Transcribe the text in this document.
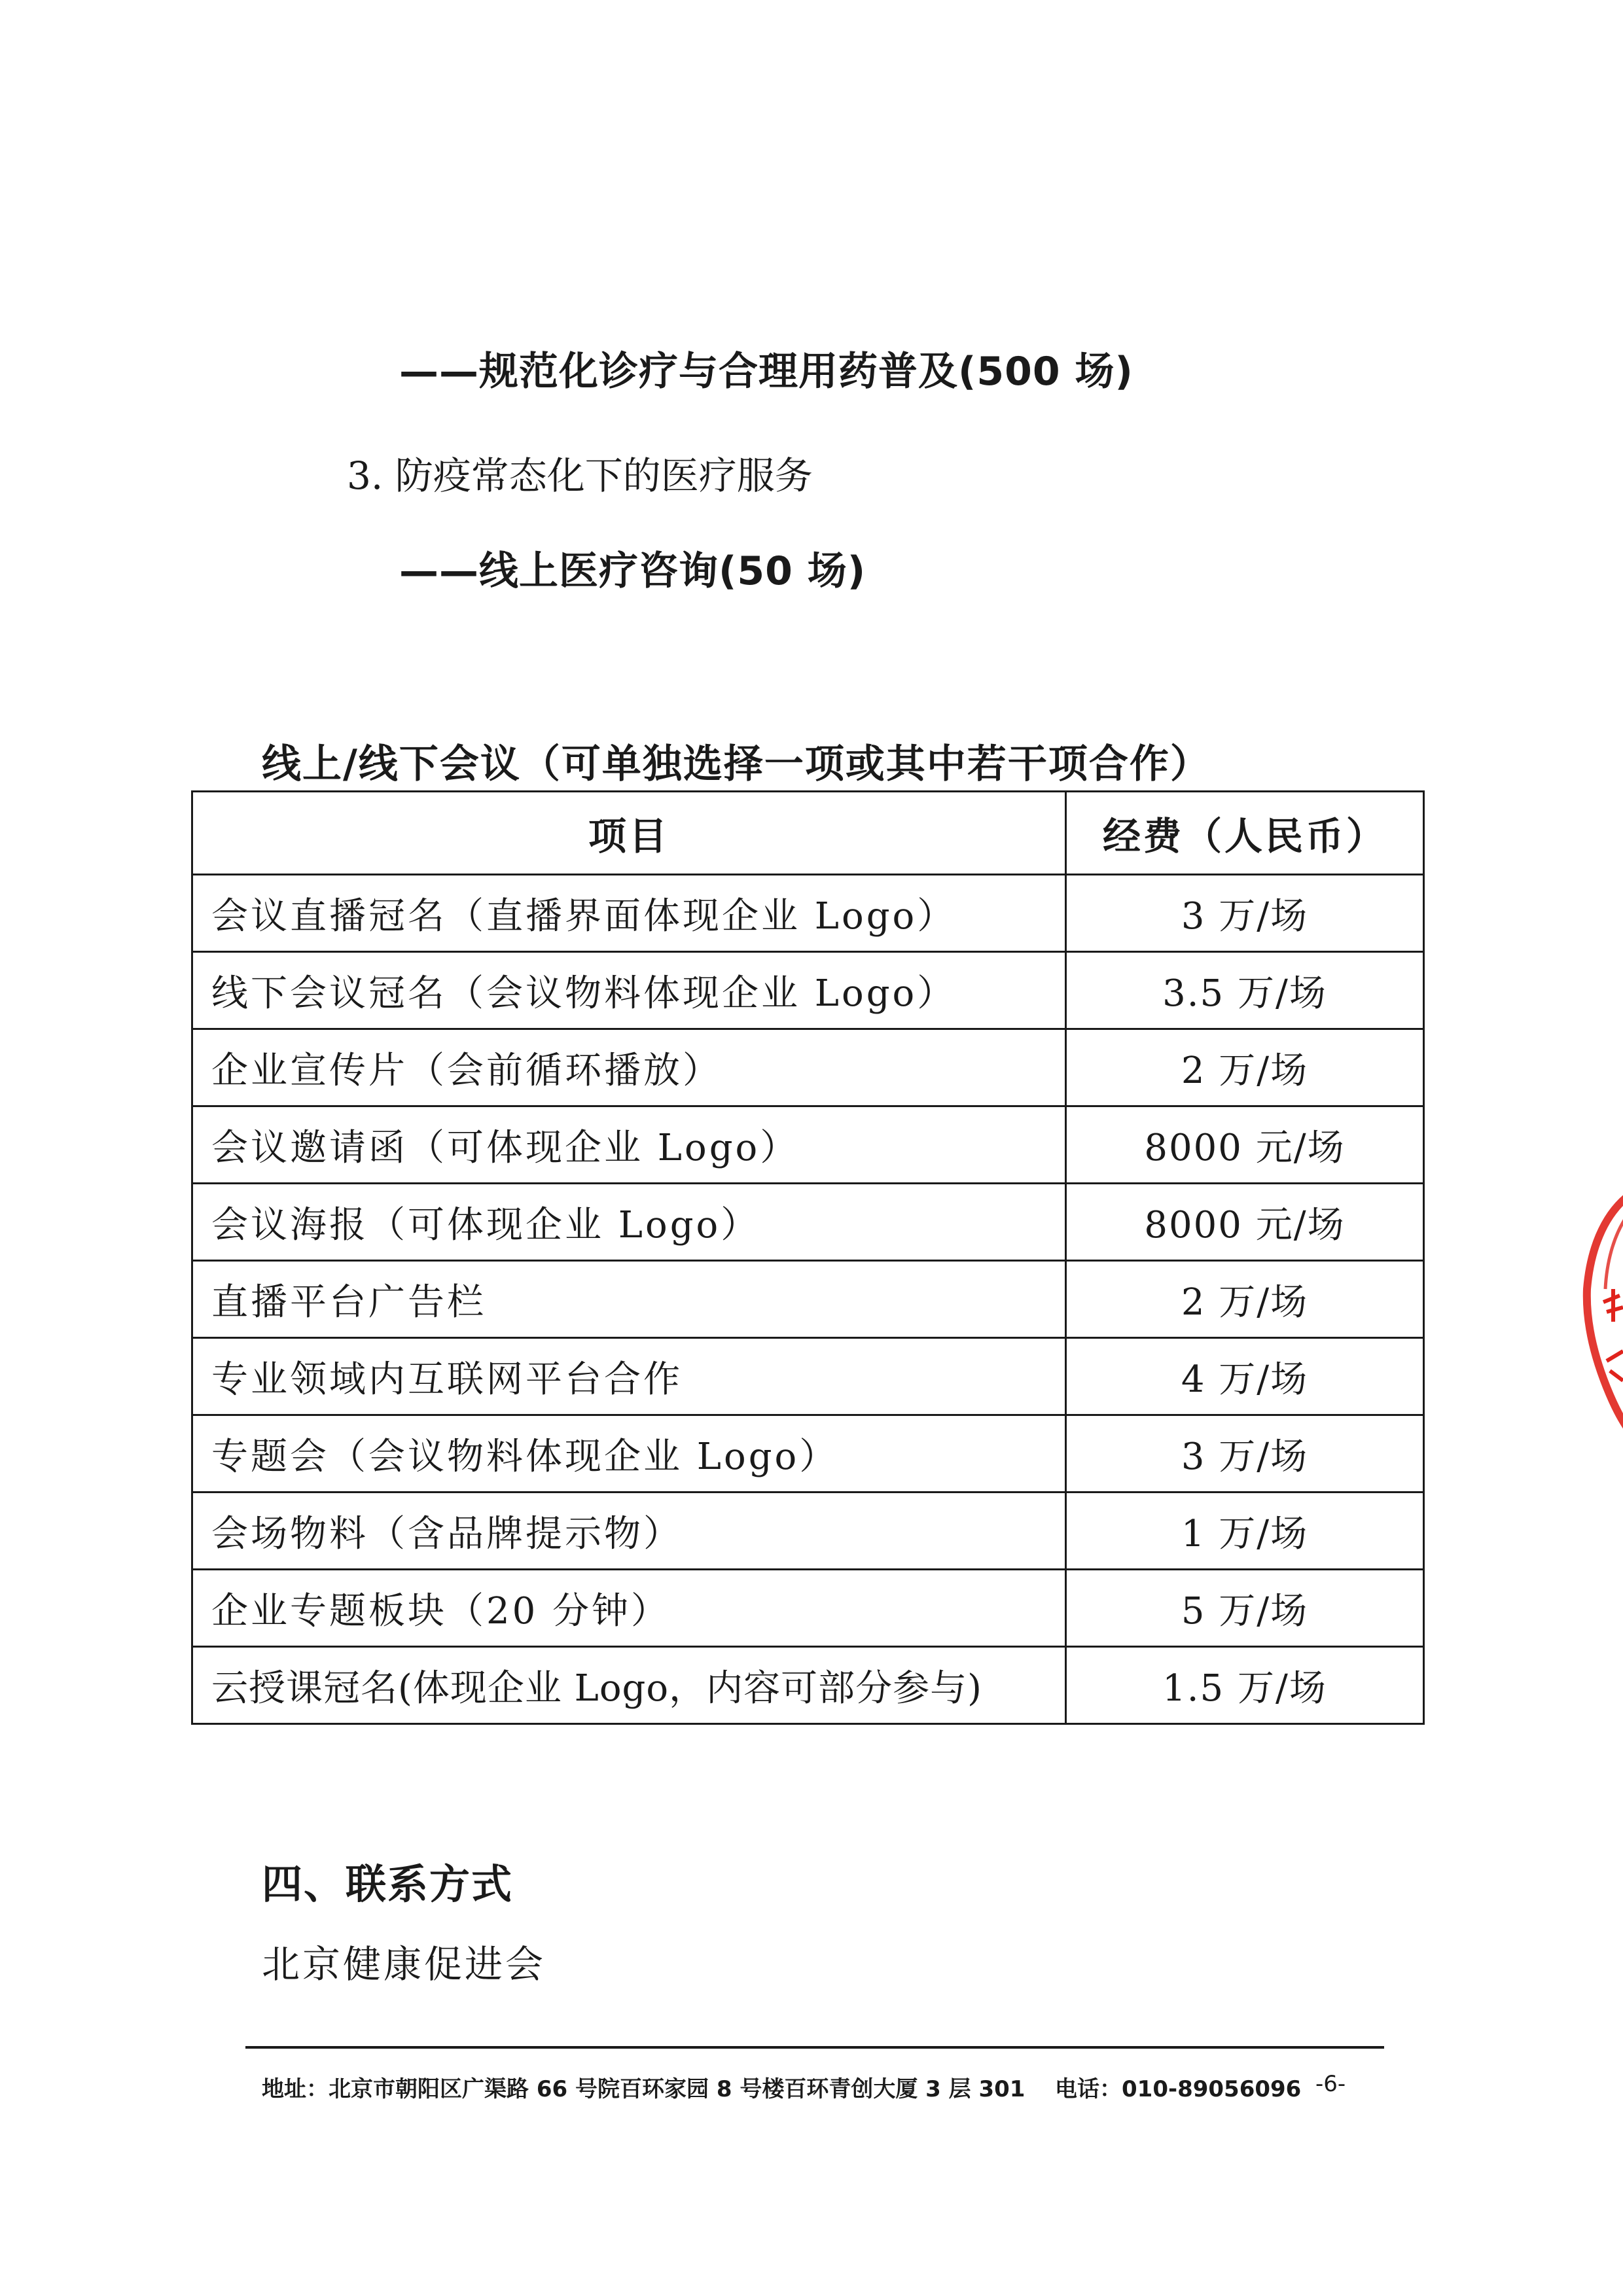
——规范化诊疗与合理用药普及(500 场)
3. 防疫常态化下的医疗服务
——线上医疗咨询(50 场)
线上/线下会议（可单独选择一项或其中若干项合作）
项目	经费（人民币）
会议直播冠名（直播界面体现企业 Logo）	3 万/场
线下会议冠名（会议物料体现企业 Logo）	3.5 万/场
企业宣传片（会前循环播放）	2 万/场
会议邀请函（可体现企业 Logo）	8000 元/场
会议海报（可体现企业 Logo）	8000 元/场
直播平台广告栏	2 万/场
专业领域内互联网平台合作	4 万/场
专题会（会议物料体现企业 Logo）	3 万/场
会场物料（含品牌提示物）	1 万/场
企业专题板块（20 分钟）	5 万/场
云授课冠名(体现企业 Logo，内容可部分参与)	1.5 万/场
四、联系方式
北京健康促进会
地址：北京市朝阳区广渠路 66 号院百环家园 8 号楼百环青创大厦 3 层 301 电话：010-89056096 -6-
